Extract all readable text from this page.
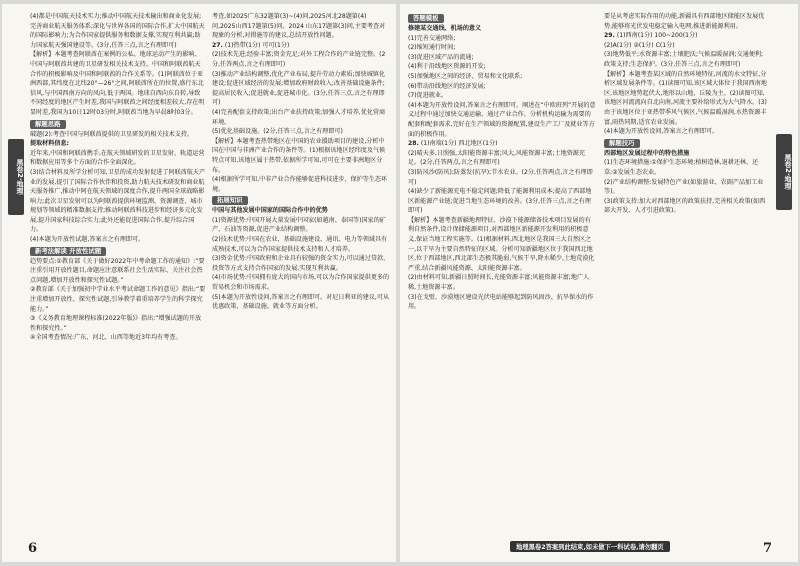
黑卷2·地理

(4)都是中国航天技术实力;推动中国航天技术输出和商业化发展;完善商业航天服务体系;深化与世界各国的国际合作,扩大中国航天的国际影响力;为合作国家提供服务和数据支撑,实现互利共赢;助力国家航天强国建设等。(3分,任答三点,言之有理即可)

【解析】本题考查阿联酋在案例的公私、地球运动产生的影响、中国与阿联酋共建的卫星研发相关技术支持、中国和阿联酋航天合作的积极影响及中国和阿联酋的合作关系等。(1)阿联酋位于亚洲西部,其纬度在北纬20°—26°之间,阿联酋所在的位置,盛行东北信风,与中国西南方向的风向,低于两国。地球自西向东自转,导致不同经度的地区产生时差,我国与阿联酋之间经度相差较大,存在明显时差,我国为10日12时03分时,阿联酋当地为早晨8时03分。

解题思路

破题(2):考查中国与阿联酋提供的卫星研发的相关技术支持。

提取材料信息:

近年来,中国和阿联酋携手,在航天领域研发的卫星发射、轨道运营和数据应用等多个方面的合作全面深化。

(3)结合材料及所学分析可知,卫星的成功发射促进了阿联酋航天产业的发展,提引了国际合作伙伴和投资,助力航天技术研发和商业航天服务推广,推动中阿在航天领域的深度合作,提升两国全球战略影响力;此次卫星发射可以为阿联酋提供环境监测、资源调查、城市规划等领域的精准数据支持;推动阿联酋科技进步和经济多元化发展,提升国家科技综合实力;此外还能促进国际合作,提升综合国力。

(4)本题为开放性试题,答案言之有理即可。

新考法解读 开放性试题

趋势要点:①教育部《关于做好2022年中考命题工作的通知》:“要注重引用开放性题目,命题应注意联系社会生活实际、关注社会热点问题,增加开放性和探究性试题。”

②教育部《关于加强初中学业水平考试命题工作的意见》指出:“要注重增加开放性、探究性试题,引导教学着重培养学生的科学探究能力。”

③《义务教育地理课程标准(2022年版)》指出:“增强试题的开放性和探究性。”

④全国考查情况:广东、河北、山西等地近3年均有考查。

考查,如2025广东32题第(3)~(4)问,2025河北28题第(4)问,2025山西17题第(5)问、2024 山东17题第(3)问,主要考查对现象的分析,对措施等的建议,总结开放性问题。

27. (1)热带(1分) 可可(1分)

(2)技术先进;经验丰富;资金充足;对外工程合作的产业链完整。(2分,任答两点,言之有理即可)

(3)推动产业结构调整,优化产业布局,提升劳动力素质;加快城镇化建设;促进区域经济的发展;增加政府财政收入;改善基础设施条件;提高居民收入;促进就业,促进城市化。(3分,任答三点,言之有理即可)

(4)完善配套支持政策;出台产业扶持政策;加强人才培养,优化营商环境。

(5)优化基础设施。(2分,任答三点,言之有理即可)

【解析】本题考查热带地区在中国的农业援助项目的建设,分析中国在中国与非洲产业合作的条件等。(1)根据该地区经纬度及气候特点可知,该地区属于热带,依据所学可知,可可在主要非洲地区分布。

(4)根据所学可知,中非产业合作能够促进科技进步、保护等生态环境。

拓展知识

中国与其他发展中国家的国际合作中的优势

(1)资源优势:中国开展大量发展中国家(如越南、泰国等)国家的矿产、石油等资源,促进产业结构调整。

(2)技术优势:中国在农业、基础设施建设、通讯、电力等领域具有成熟技术,可以为合作国家提供技术支持和人才培养。

(3)资金优势:中国政府和企业具有较强的资金实力,可以通过贷款、投资等方式支持合作国家的发展,实现互利共赢。

(4)市场优势:中国拥有庞大的国内市场,可以为合作国家提供更多的贸易机会和市场需求。

(5)本题为开放性设问,答案言之有理即可。对尼日利亚的建议,可从优惠政策、基础设施、就业等方面分析。

6
黑卷2·地理

答题模板

修建某交通线、机场的意义

(1)完善交通网络;

(2)缩短通行时间;

(3)促进区域产品的流通;

(4)利于沿线地区资源的开发;

(5)加强地区之间的经济、贸易和文化联系;

(6)带动沿线地区的经济发展;

(7)促进就业。

(4)本题为开放性设问,答案言之有理即可。阐述在“中欧班列”开展的意义过程中通过加快交通运输、通过产业合作、分析机构运输为需要的配套和配套需求,完好在生产领域的资源配置,建设生产工厂及就业等方面的积极作用。

28. (1)南端(1分) 西北地区(1分)

(2)晴天多,日照强,太阳能资源丰富;风大,风能资源丰富;土地资源充足。(2分,任答两点,言之有理即可)

(3)防风沙(防风);防蒸发(抗旱);节水农业。(2分,任答两点,言之有理即可)

(4)缺少了新能源充电不稳定问题;降低了能源利用成本;提高了西部地区新能源产业链;促进当地生态环境的改善。(3分,任答三点,言之有理即可)

【解析】本题考查新疆地理特征、沙漠下能源储备技术项目发展的有利自然条件,设计保储能源项目,对西部地区新能源开发利用的积极意义,保证当地工程实施等。(1)根据材料,西北地区是我国三大自然区之一,以干旱为主要自然特征的区域。分析可知新疆地区位于我国西北地区,位于西部地区,西北部生态极其脆弱,气候干旱,降水稀少,土地荒漠化严重,结合新疆风能资源、太阳能资源丰富。

(2)由材料可知,新疆日照时间长,光能资源丰富;风能资源丰富;地广人稀,土地资源丰富。

(3)在戈壁、沙漠地区建设光伏电站能够起到防风固沙、抗旱保水的作用。

要是从考虑实际作用的功能,新疆具有西部地区储能区发展优势,能够将光伏发电稳定输入电网,推进新能源利用。

29. (1)西南(1分) 100~200(1分)

(2)A(1分) ②(1分) C(1分)

(3)地势低平;水资源丰富;土壤肥沃;气候温暖湿润;交通便利;政策支持;生态保护。(3分,任答三点,言之有理即可)

【解析】本题考查某区域的自然环境特征,河流的水文特征,分析区域发展条件等。(1)读图可知,该区域大体位于我国西南地区,该地区地势起伏大,地形以山地、丘陵为主。(2)读图可知,该地区河流流向自北向南,河流主要补给形式为大气降水。(3)由于该地区位于亚热带季风气候区,气候温暖湿润,水热资源丰富,雨热同期,适宜农业发展。

(4)本题为开放性设问,答案言之有理即可。

解题技巧

西部地区发展过程中的特色措施

(1)生态环境措施:①保护生态环境;植树造林,退耕还林、还草;②发展生态农业。

(2)产业结构调整:发展特色产业(如旅游业、农副产品加工业等)。

(3)政策支持:加大对西部地区的政策扶持,完善相关政策(如西部大开发、人才引进政策)。

地理黑卷2答案到此结束,如未做下一科试卷,请勿翻页	7
